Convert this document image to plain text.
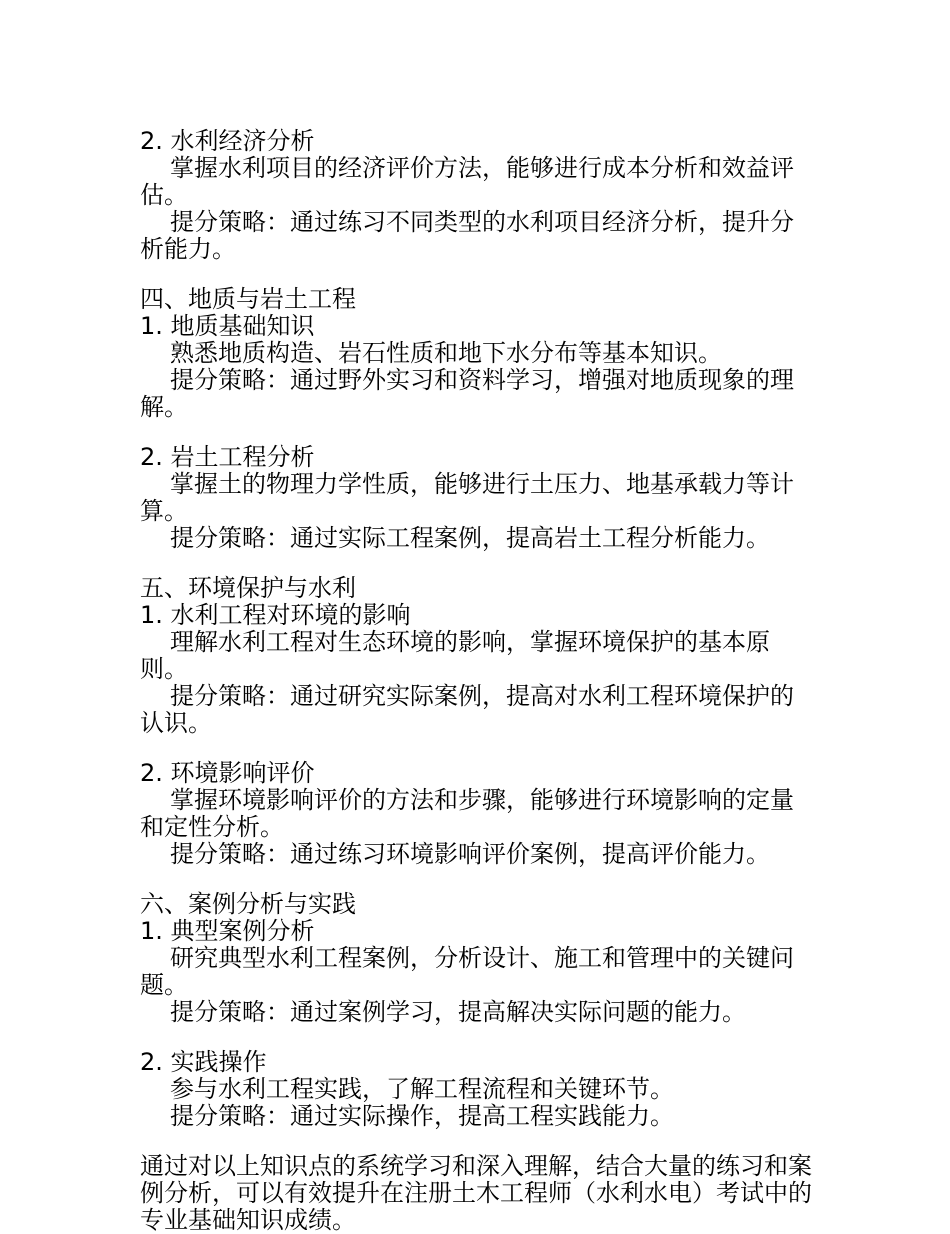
2. 水利经济分析
掌握水利项目的经济评价方法，能够进行成本分析和效益评估。
提分策略：通过练习不同类型的水利项目经济分析，提升分析能力。
四、地质与岩土工程
1. 地质基础知识
熟悉地质构造、岩石性质和地下水分布等基本知识。
提分策略：通过野外实习和资料学习，增强对地质现象的理解。
2. 岩土工程分析
掌握土的物理力学性质，能够进行土压力、地基承载力等计算。
提分策略：通过实际工程案例，提高岩土工程分析能力。
五、环境保护与水利
1. 水利工程对环境的影响
理解水利工程对生态环境的影响，掌握环境保护的基本原则。
提分策略：通过研究实际案例，提高对水利工程环境保护的认识。
2. 环境影响评价
掌握环境影响评价的方法和步骤，能够进行环境影响的定量和定性分析。
提分策略：通过练习环境影响评价案例，提高评价能力。
六、案例分析与实践
1. 典型案例分析
研究典型水利工程案例，分析设计、施工和管理中的关键问题。
提分策略：通过案例学习，提高解决实际问题的能力。
2. 实践操作
参与水利工程实践，了解工程流程和关键环节。
提分策略：通过实际操作，提高工程实践能力。
通过对以上知识点的系统学习和深入理解，结合大量的练习和案例分析，可以有效提升在注册土木工程师（水利水电）考试中的专业基础知识成绩。
